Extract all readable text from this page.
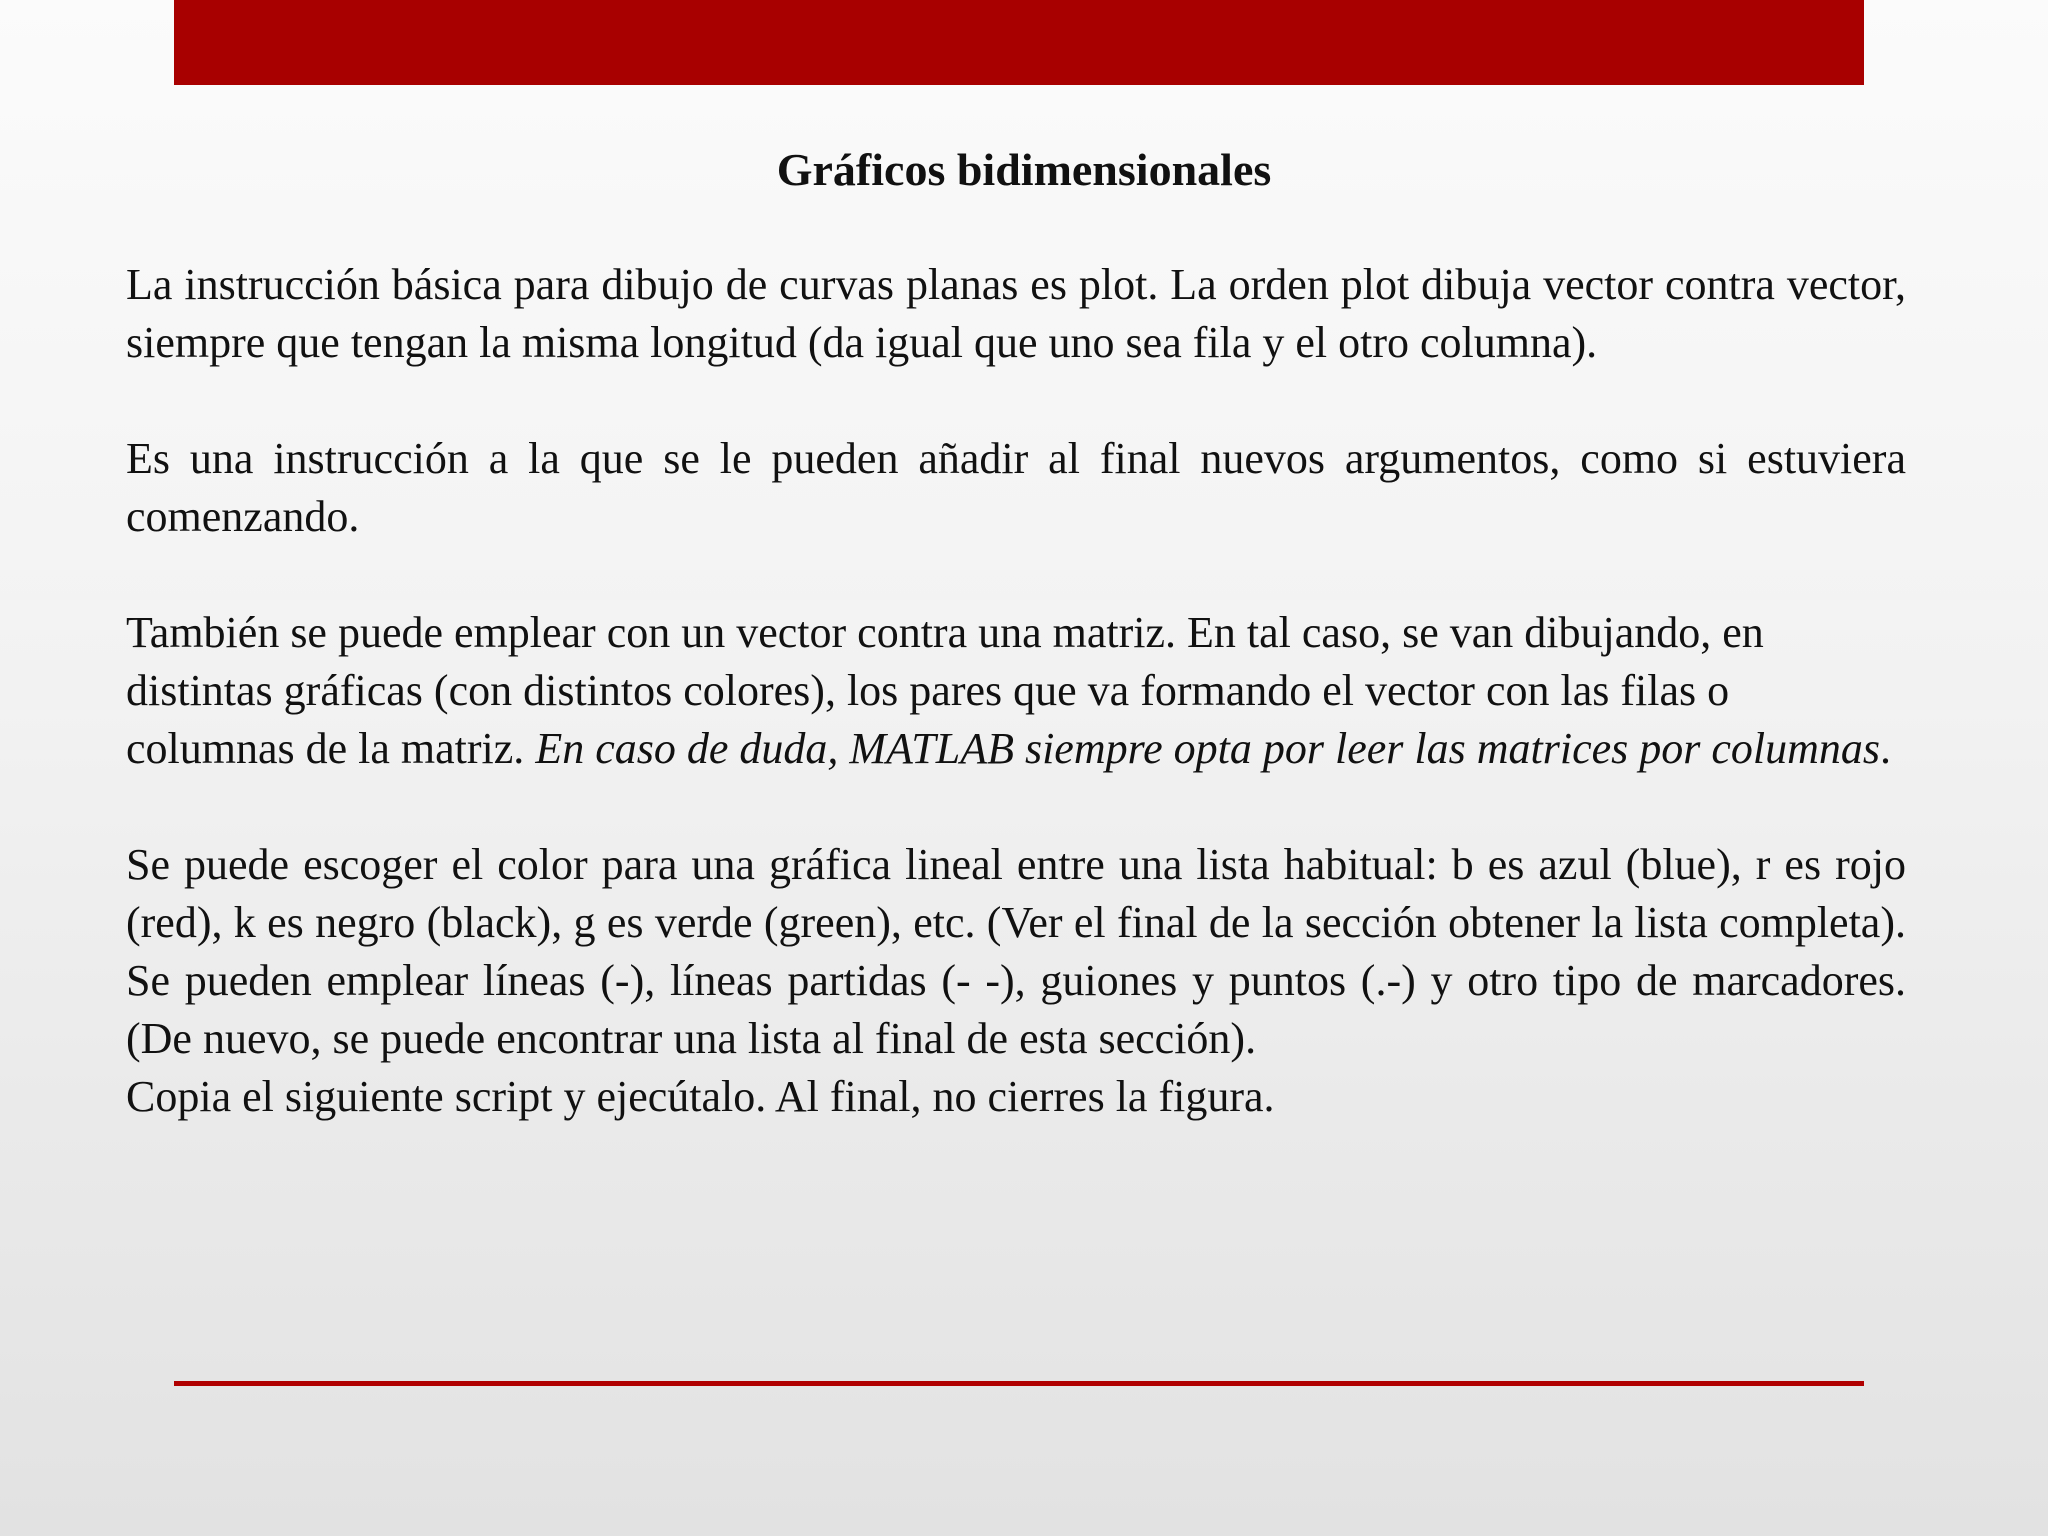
Gráficos bidimensionales

La instrucción básica para dibujo de curvas planas es plot. La orden plot dibuja vector contra vector, siempre que tengan la misma longitud (da igual que uno sea fila y el otro columna).

Es una instrucción a la que se le pueden añadir al final nuevos argumentos, como si estuviera comenzando.

También se puede emplear con un vector contra una matriz. En tal caso, se van dibujando, en distintas gráficas (con distintos colores), los pares que va formando el vector con las filas o columnas de la matriz. En caso de duda, MATLAB siempre opta por leer las matrices por columnas.

Se puede escoger el color para una gráfica lineal entre una lista habitual: b es azul (blue), r es rojo (red), k es negro (black), g es verde (green), etc. (Ver el final de la sección obtener la lista completa). Se pueden emplear líneas (-), líneas partidas (- -), guiones y puntos (.-) y otro tipo de marcadores. (De nuevo, se puede encontrar una lista al final de esta sección).
Copia el siguiente script y ejecútalo. Al final, no cierres la figura.
